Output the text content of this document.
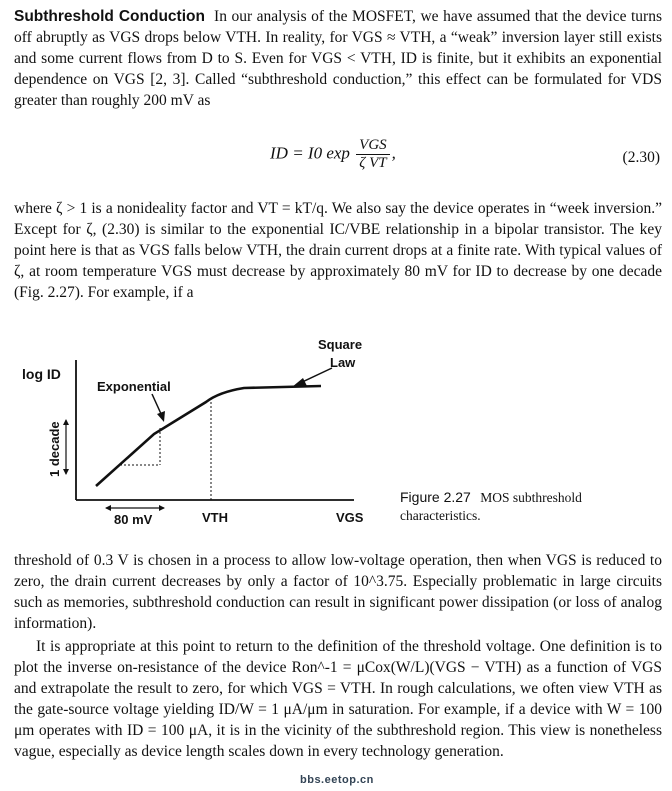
Subthreshold Conduction In our analysis of the MOSFET, we have assumed that the device turns off abruptly as VGS drops below VTH. In reality, for VGS ≈ VTH, a “weak” inversion layer still exists and some current flows from D to S. Even for VGS < VTH, ID is finite, but it exhibits an exponential dependence on VGS [2, 3]. Called “subthreshold conduction,” this effect can be formulated for VDS greater than roughly 200 mV as
ID = I0 $\exp \frac{\text{VGS}}{\text{ζ VT}}$ ,	(2.30)
where ζ > 1 is a nonideality factor and VT = kT/q. We also say the device operates in “week inversion.” Except for ζ, (2.30) is similar to the exponential IC/VBE relationship in a bipolar transistor. The key point here is that as VGS falls below VTH, the drain current drops at a finite rate. With typical values of ζ, at room temperature VGS must decrease by approximately 80 mV for ID to decrease by one decade (Fig. 2.27). For example, if a
log ID
Exponential
Square
Law
1 decade
80 mV	VTH	VGS
Figure 2.27 MOS subthreshold characteristics.
threshold of 0.3 V is chosen in a process to allow low-voltage operation, then when VGS is reduced to zero, the drain current decreases by only a factor of 10^3.75. Especially problematic in large circuits such as memories, subthreshold conduction can result in significant power dissipation (or loss of analog information).
It is appropriate at this point to return to the definition of the threshold voltage. One definition is to plot the inverse on-resistance of the device Ron^-1 = μCox(W/L)(VGS − VTH) as a function of VGS and extrapolate the result to zero, for which VGS = VTH. In rough calculations, we often view VTH as the gate-source voltage yielding ID/W = 1 μA/μm in saturation. For example, if a device with W = 100 μm operates with ID = 100 μA, it is in the vicinity of the subthreshold region. This view is nonetheless vague, especially as device length scales down in every technology generation.
bbs.eetop.cn
